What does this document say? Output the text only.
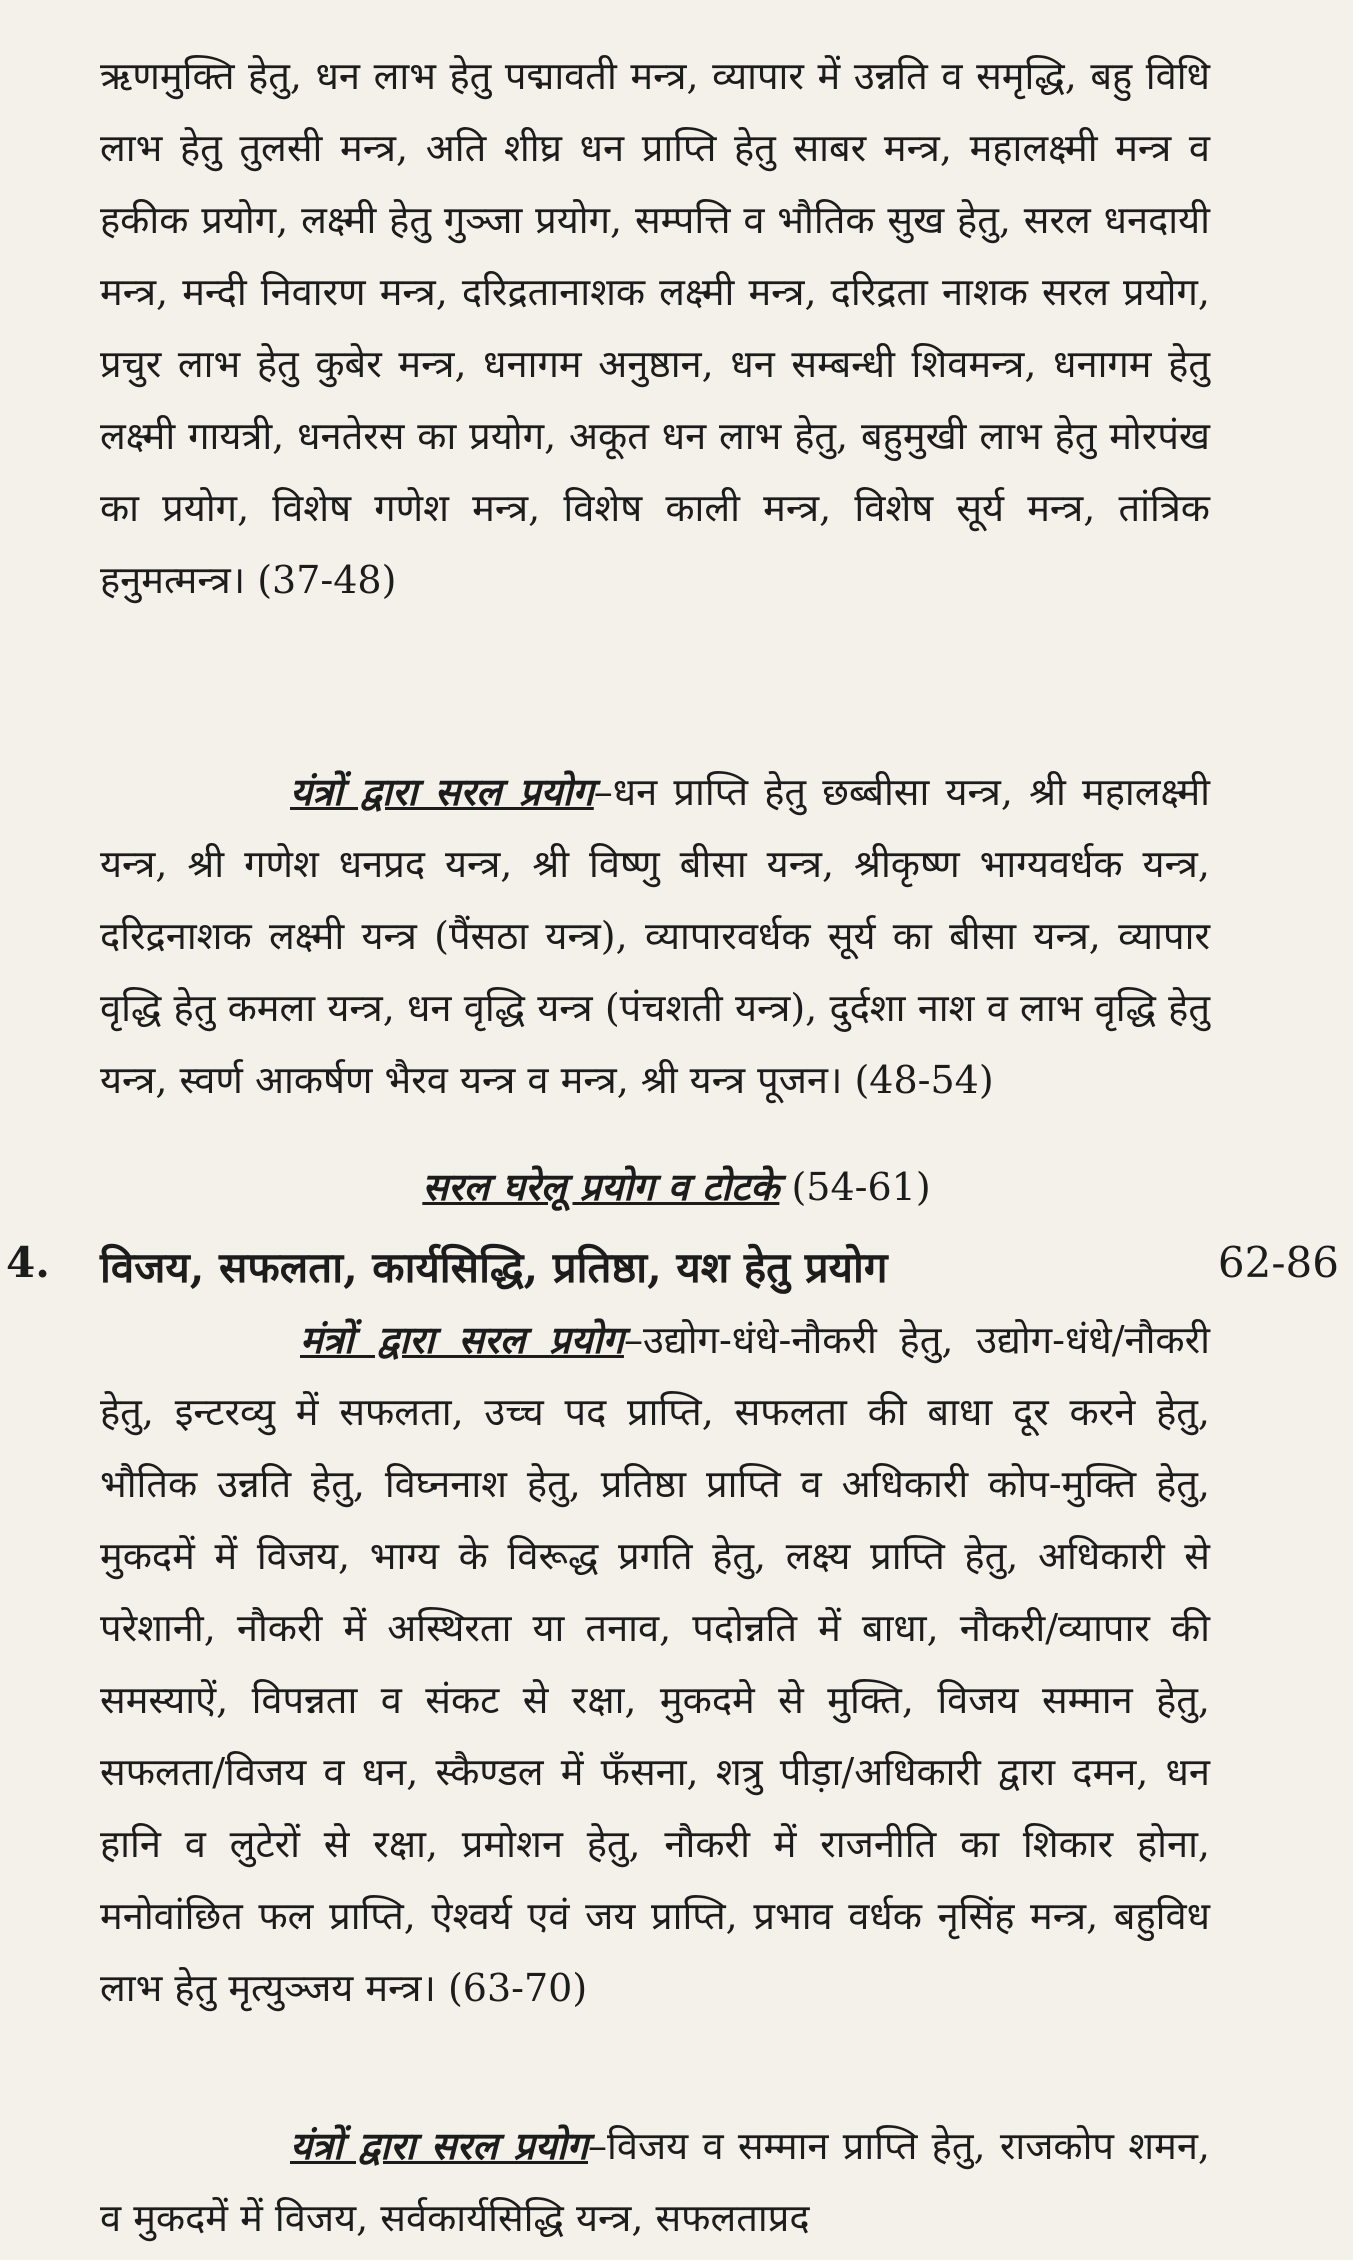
ऋणमुक्ति हेतु, धन लाभ हेतु पद्मावती मन्त्र, व्यापार में उन्नति व समृद्धि, बहु विधि लाभ हेतु तुलसी मन्त्र, अति शीघ्र धन प्राप्ति हेतु साबर मन्त्र, महालक्ष्मी मन्त्र व हकीक प्रयोग, लक्ष्मी हेतु गुञ्जा प्रयोग, सम्पत्ति व भौतिक सुख हेतु, सरल धनदायी मन्त्र, मन्दी निवारण मन्त्र, दरिद्रतानाशक लक्ष्मी मन्त्र, दरिद्रता नाशक सरल प्रयोग, प्रचुर लाभ हेतु कुबेर मन्त्र, धनागम अनुष्ठान, धन सम्बन्धी शिवमन्त्र, धनागम हेतु लक्ष्मी गायत्री, धनतेरस का प्रयोग, अकूत धन लाभ हेतु, बहुमुखी लाभ हेतु मोरपंख का प्रयोग, विशेष गणेश मन्त्र, विशेष काली मन्त्र, विशेष सूर्य मन्त्र, तांत्रिक हनुमत्मन्त्र। (37-48)

यंत्रों द्वारा सरल प्रयोग–धन प्राप्ति हेतु छब्बीसा यन्त्र, श्री महालक्ष्मी यन्त्र, श्री गणेश धनप्रद यन्त्र, श्री विष्णु बीसा यन्त्र, श्रीकृष्ण भाग्यवर्धक यन्त्र, दरिद्रनाशक लक्ष्मी यन्त्र (पैंसठा यन्त्र), व्यापारवर्धक सूर्य का बीसा यन्त्र, व्यापार वृद्धि हेतु कमला यन्त्र, धन वृद्धि यन्त्र (पंचशती यन्त्र), दुर्दशा नाश व लाभ वृद्धि हेतु यन्त्र, स्वर्ण आकर्षण भैरव यन्त्र व मन्त्र, श्री यन्त्र पूजन। (48-54)

सरल घरेलू प्रयोग व टोटके (54-61)
4. विजय, सफलता, कार्यसिद्धि, प्रतिष्ठा, यश हेतु प्रयोग	62-86

मंत्रों द्वारा सरल प्रयोग–उद्योग-धंधे-नौकरी हेतु, उद्योग-धंधे/नौकरी हेतु, इन्टरव्यु में सफलता, उच्च पद प्राप्ति, सफलता की बाधा दूर करने हेतु, भौतिक उन्नति हेतु, विघ्ननाश हेतु, प्रतिष्ठा प्राप्ति व अधिकारी कोप-मुक्ति हेतु, मुकदमें में विजय, भाग्य के विरूद्ध प्रगति हेतु, लक्ष्य प्राप्ति हेतु, अधिकारी से परेशानी, नौकरी में अस्थिरता या तनाव, पदोन्नति में बाधा, नौकरी/व्यापार की समस्याऐं, विपन्नता व संकट से रक्षा, मुकदमे से मुक्ति, विजय सम्मान हेतु, सफलता/विजय व धन, स्कैण्डल में फँसना, शत्रु पीड़ा/अधिकारी द्वारा दमन, धन हानि व लुटेरों से रक्षा, प्रमोशन हेतु, नौकरी में राजनीति का शिकार होना, मनोवांछित फल प्राप्ति, ऐश्वर्य एवं जय प्राप्ति, प्रभाव वर्धक नृसिंह मन्त्र, बहुविध लाभ हेतु मृत्युञ्जय मन्त्र। (63-70)

यंत्रों द्वारा सरल प्रयोग–विजय व सम्मान प्राप्ति हेतु, राजकोप शमन, व मुकदमें में विजय, सर्वकार्यसिद्धि यन्त्र, सफलताप्रद
